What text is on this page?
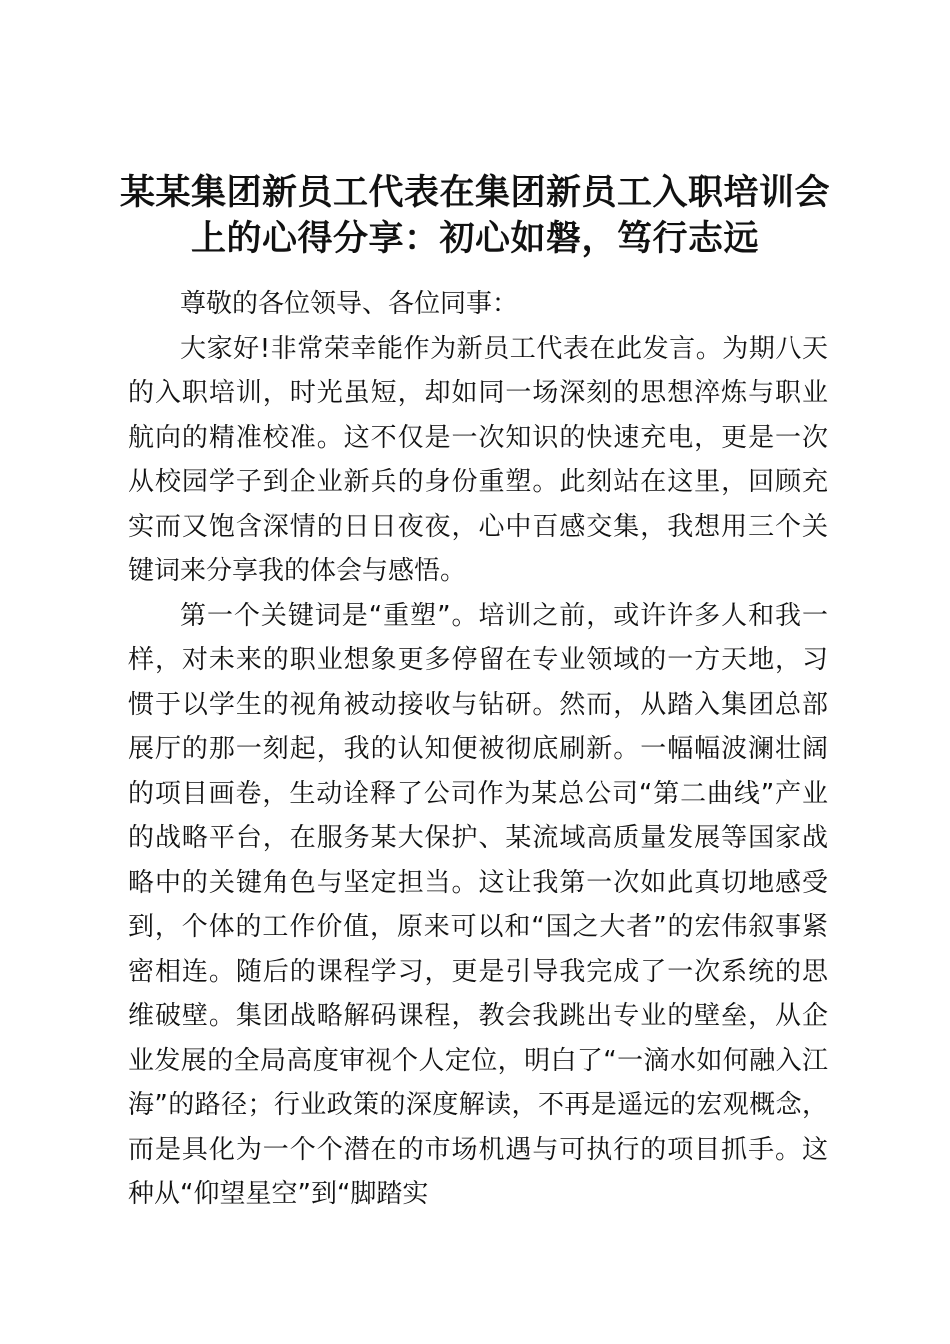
某某集团新员工代表在集团新员工入职培训会
上的心得分享：初心如磐，笃行志远

尊敬的各位领导、各位同事：

大家好!非常荣幸能作为新员工代表在此发言。为期八天的入职培训，时光虽短，却如同一场深刻的思想淬炼与职业航向的精准校准。这不仅是一次知识的快速充电，更是一次从校园学子到企业新兵的身份重塑。此刻站在这里，回顾充实而又饱含深情的日日夜夜，心中百感交集，我想用三个关键词来分享我的体会与感悟。

第一个关键词是“重塑”。培训之前，或许许多人和我一样，对未来的职业想象更多停留在专业领域的一方天地，习惯于以学生的视角被动接收与钻研。然而，从踏入集团总部展厅的那一刻起，我的认知便被彻底刷新。一幅幅波澜壮阔的项目画卷，生动诠释了公司作为某总公司“第二曲线”产业的战略平台，在服务某大保护、某流域高质量发展等国家战略中的关键角色与坚定担当。这让我第一次如此真切地感受到，个体的工作价值，原来可以和“国之大者”的宏伟叙事紧密相连。随后的课程学习，更是引导我完成了一次系统的思维破壁。集团战略解码课程，教会我跳出专业的壁垒，从企业发展的全局高度审视个人定位，明白了“一滴水如何融入江海”的路径；行业政策的深度解读，不再是遥远的宏观概念，而是具化为一个个潜在的市场机遇与可执行的项目抓手。这种从“仰望星空”到“脚踏实
